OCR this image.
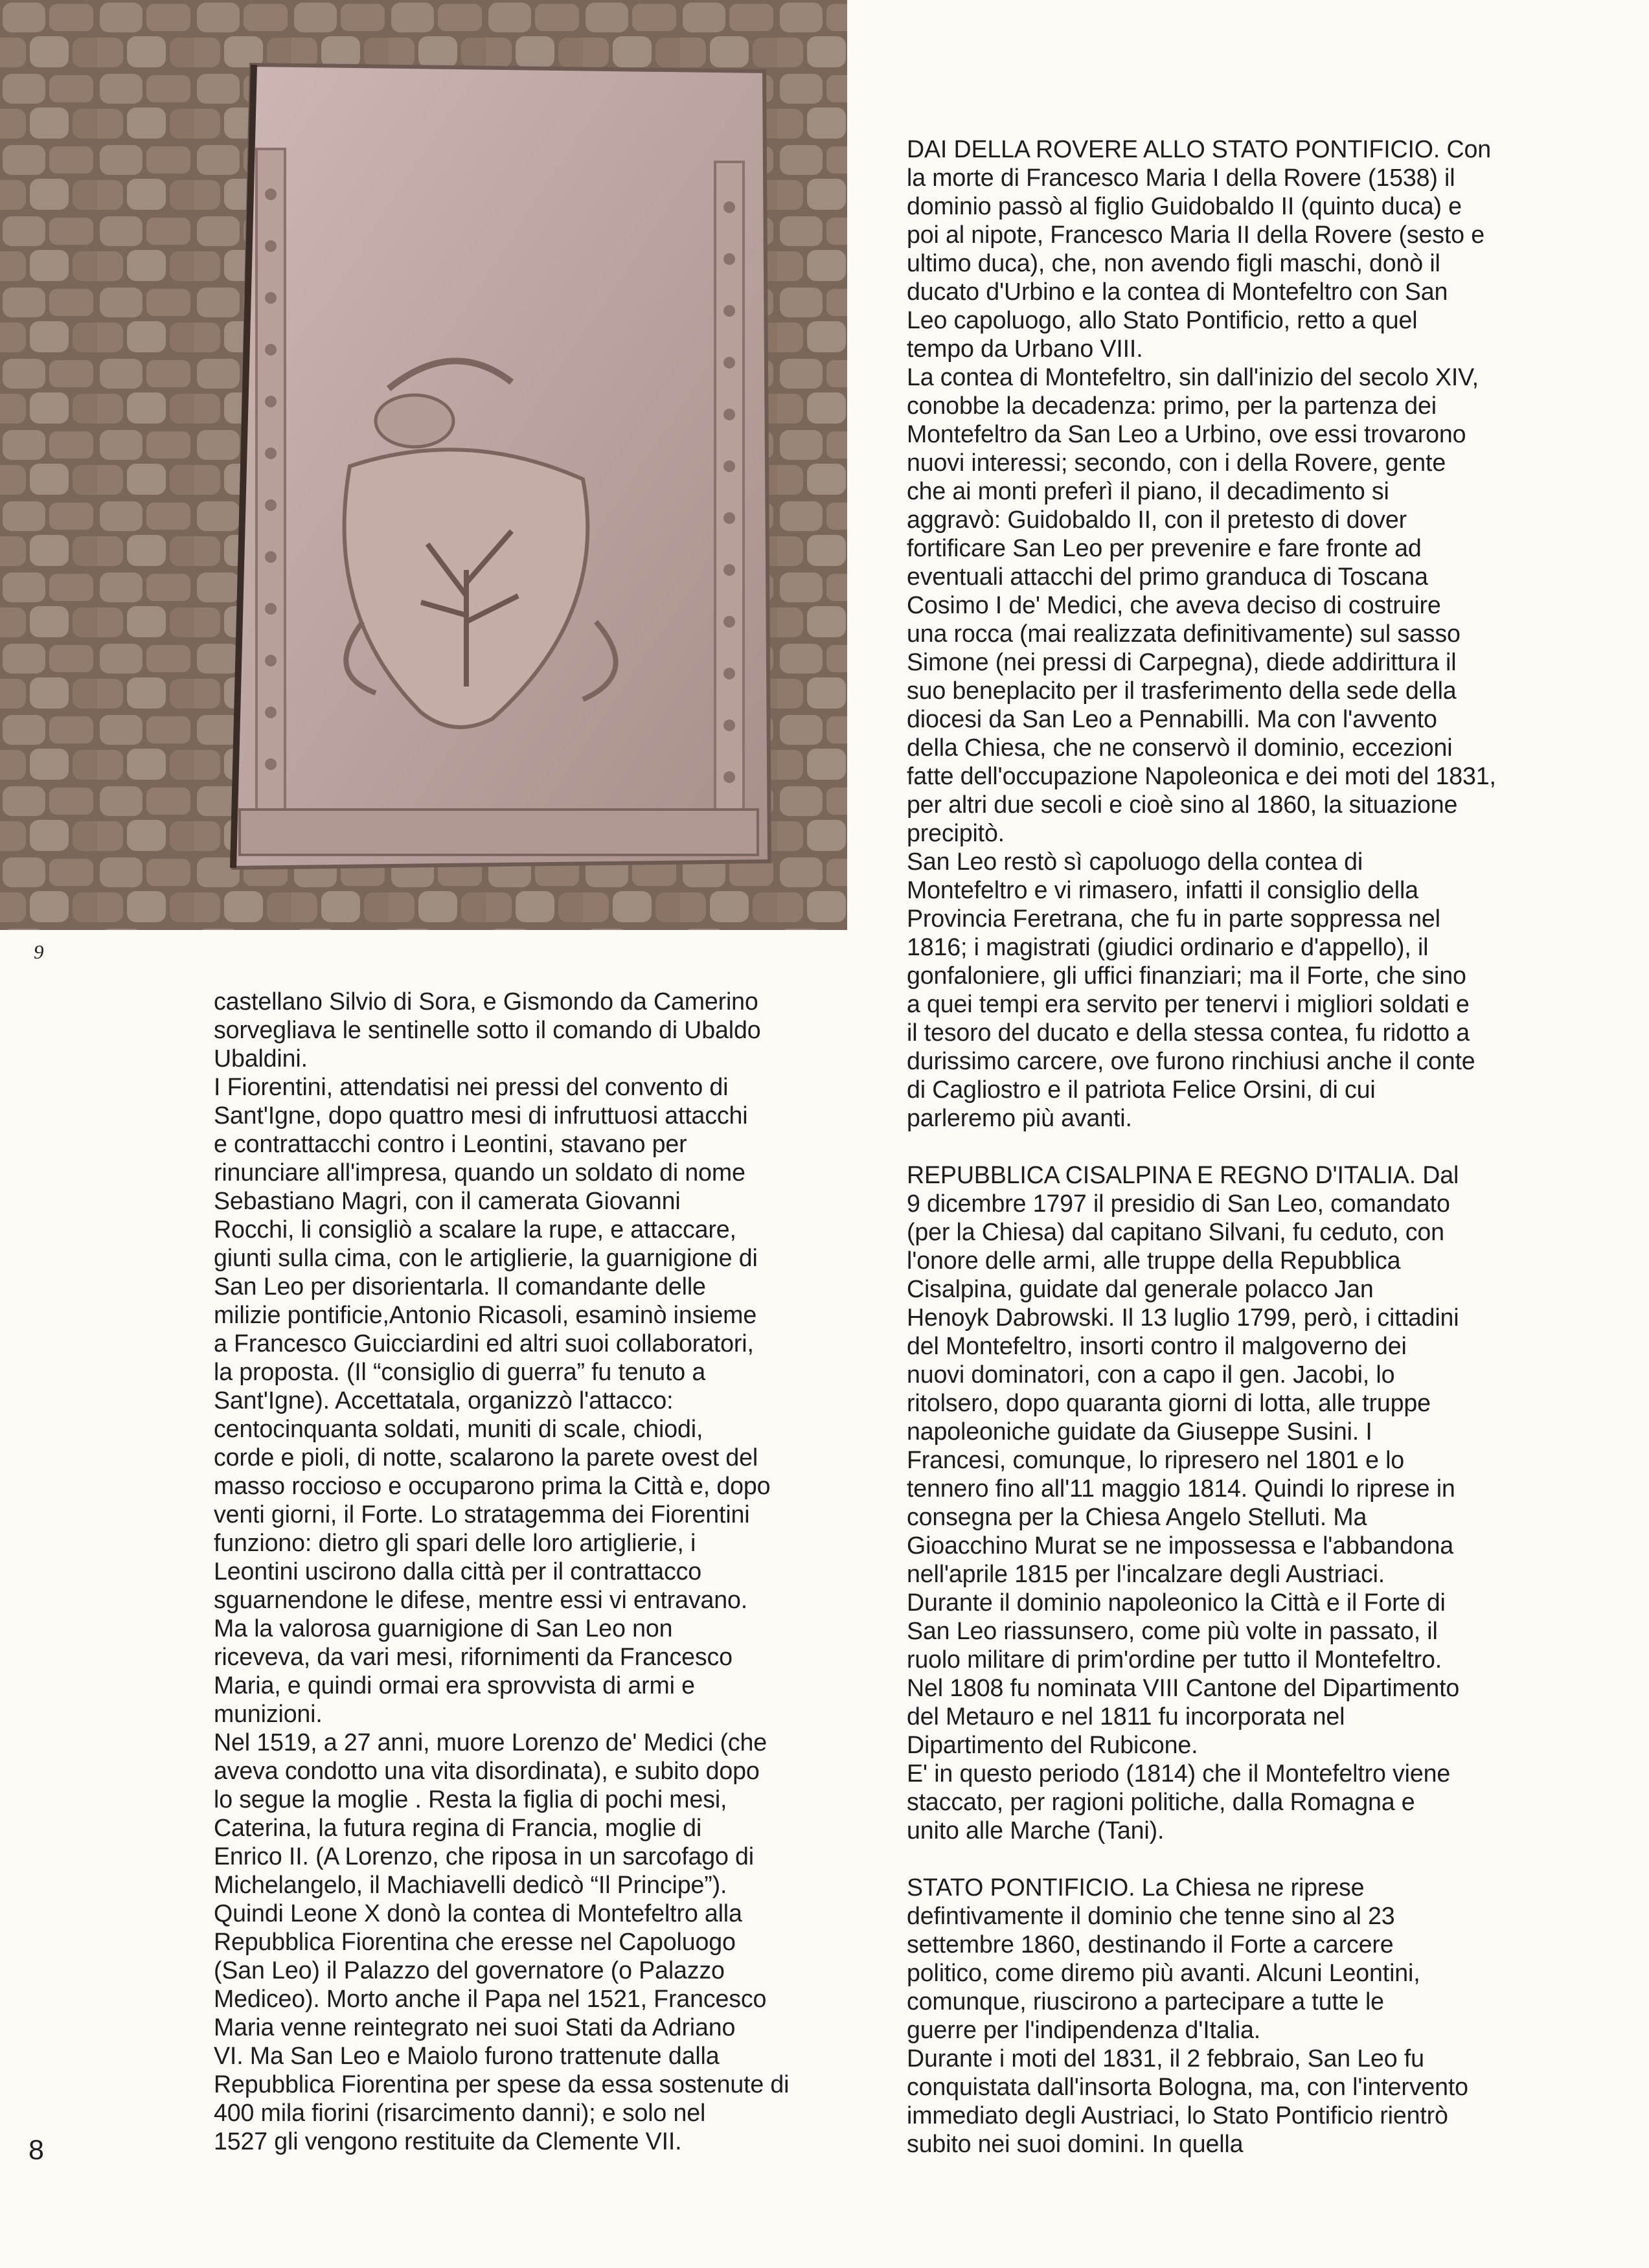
9

castellano Silvio di Sora, e Gismondo da Camerino
sorvegliava le sentinelle sotto il comando di Ubaldo
Ubaldini.

I Fiorentini, attendatisi nei pressi del convento di
Sant'Igne, dopo quattro mesi di infruttuosi attacchi
e contrattacchi contro i Leontini, stavano per
rinunciare all'impresa, quando un soldato di nome
Sebastiano Magri, con il camerata Giovanni
Rocchi, li consigliò a scalare la rupe, e attaccare,
giunti sulla cima, con le artiglierie, la guarnigione di
San Leo per disorientarla. Il comandante delle
milizie pontificie,Antonio Ricasoli, esaminò insieme
a Francesco Guicciardini ed altri suoi collaboratori,
la proposta. (Il “consiglio di guerra” fu tenuto a
Sant'Igne). Accettatala, organizzò l'attacco:
centocinquanta soldati, muniti di scale, chiodi,
corde e pioli, di notte, scalarono la parete ovest del
masso roccioso e occuparono prima la Città e, dopo
venti giorni, il Forte. Lo stratagemma dei Fiorentini
funziono: dietro gli spari delle loro artiglierie, i
Leontini uscirono dalla città per il contrattacco
sguarnendone le difese, mentre essi vi entravano.
Ma la valorosa guarnigione di San Leo non
riceveva, da vari mesi, rifornimenti da Francesco
Maria, e quindi ormai era sprovvista di armi e
munizioni.

Nel 1519, a 27 anni, muore Lorenzo de' Medici (che
aveva condotto una vita disordinata), e subito dopo
lo segue la moglie . Resta la figlia di pochi mesi,
Caterina, la futura regina di Francia, moglie di
Enrico II. (A Lorenzo, che riposa in un sarcofago di
Michelangelo, il Machiavelli dedicò “Il Principe”).
Quindi Leone X donò la contea di Montefeltro alla
Repubblica Fiorentina che eresse nel Capoluogo
(San Leo) il Palazzo del governatore (o Palazzo
Mediceo). Morto anche il Papa nel 1521, Francesco
Maria venne reintegrato nei suoi Stati da Adriano
VI. Ma San Leo e Maiolo furono trattenute dalla
Repubblica Fiorentina per spese da essa sostenute di
400 mila fiorini (risarcimento danni); e solo nel
1527 gli vengono restituite da Clemente VII.

DAI DELLA ROVERE ALLO STATO PONTIFICIO. Con
la morte di Francesco Maria I della Rovere (1538) il
dominio passò al figlio Guidobaldo II (quinto duca) e
poi al nipote, Francesco Maria II della Rovere (sesto e
ultimo duca), che, non avendo figli maschi, donò il
ducato d'Urbino e la contea di Montefeltro con San
Leo capoluogo, allo Stato Pontificio, retto a quel
tempo da Urbano VIII.

La contea di Montefeltro, sin dall'inizio del secolo XIV,
conobbe la decadenza: primo, per la partenza dei
Montefeltro da San Leo a Urbino, ove essi trovarono
nuovi interessi; secondo, con i della Rovere, gente
che ai monti preferì il piano, il decadimento si
aggravò: Guidobaldo II, con il pretesto di dover
fortificare San Leo per prevenire e fare fronte ad
eventuali attacchi del primo granduca di Toscana
Cosimo I de' Medici, che aveva deciso di costruire
una rocca (mai realizzata definitivamente) sul sasso
Simone (nei pressi di Carpegna), diede addirittura il
suo beneplacito per il trasferimento della sede della
diocesi da San Leo a Pennabilli. Ma con l'avvento
della Chiesa, che ne conservò il dominio, eccezioni
fatte dell'occupazione Napoleonica e dei moti del 1831,
per altri due secoli e cioè sino al 1860, la situazione
precipitò.

San Leo restò sì capoluogo della contea di
Montefeltro e vi rimasero, infatti il consiglio della
Provincia Feretrana, che fu in parte soppressa nel
1816; i magistrati (giudici ordinario e d'appello), il
gonfaloniere, gli uffici finanziari; ma il Forte, che sino
a quei tempi era servito per tenervi i migliori soldati e
il tesoro del ducato e della stessa contea, fu ridotto a
durissimo carcere, ove furono rinchiusi anche il conte
di Cagliostro e il patriota Felice Orsini, di cui
parleremo più avanti.

REPUBBLICA CISALPINA E REGNO D'ITALIA. Dal
9 dicembre 1797 il presidio di San Leo, comandato
(per la Chiesa) dal capitano Silvani, fu ceduto, con
l'onore delle armi, alle truppe della Repubblica
Cisalpina, guidate dal generale polacco Jan
Henoyk Dabrowski. Il 13 luglio 1799, però, i cittadini
del Montefeltro, insorti contro il malgoverno dei
nuovi dominatori, con a capo il gen. Jacobi, lo
ritolsero, dopo quaranta giorni di lotta, alle truppe
napoleoniche guidate da Giuseppe Susini. I
Francesi, comunque, lo ripresero nel 1801 e lo
tennero fino all'11 maggio 1814. Quindi lo riprese in
consegna per la Chiesa Angelo Stelluti. Ma
Gioacchino Murat se ne impossessa e l'abbandona
nell'aprile 1815 per l'incalzare degli Austriaci.
Durante il dominio napoleonico la Città e il Forte di
San Leo riassunsero, come più volte in passato, il
ruolo militare di prim'ordine per tutto il Montefeltro.
Nel 1808 fu nominata VIII Cantone del Dipartimento
del Metauro e nel 1811 fu incorporata nel
Dipartimento del Rubicone.

E' in questo periodo (1814) che il Montefeltro viene
staccato, per ragioni politiche, dalla Romagna e
unito alle Marche (Tani).

STATO PONTIFICIO. La Chiesa ne riprese
defintivamente il dominio che tenne sino al 23
settembre 1860, destinando il Forte a carcere
politico, come diremo più avanti. Alcuni Leontini,
comunque, riuscirono a partecipare a tutte le
guerre per l'indipendenza d'Italia.

Durante i moti del 1831, il 2 febbraio, San Leo fu
conquistata dall'insorta Bologna, ma, con l'intervento
immediato degli Austriaci, lo Stato Pontificio rientrò
subito nei suoi domini. In quella

8
